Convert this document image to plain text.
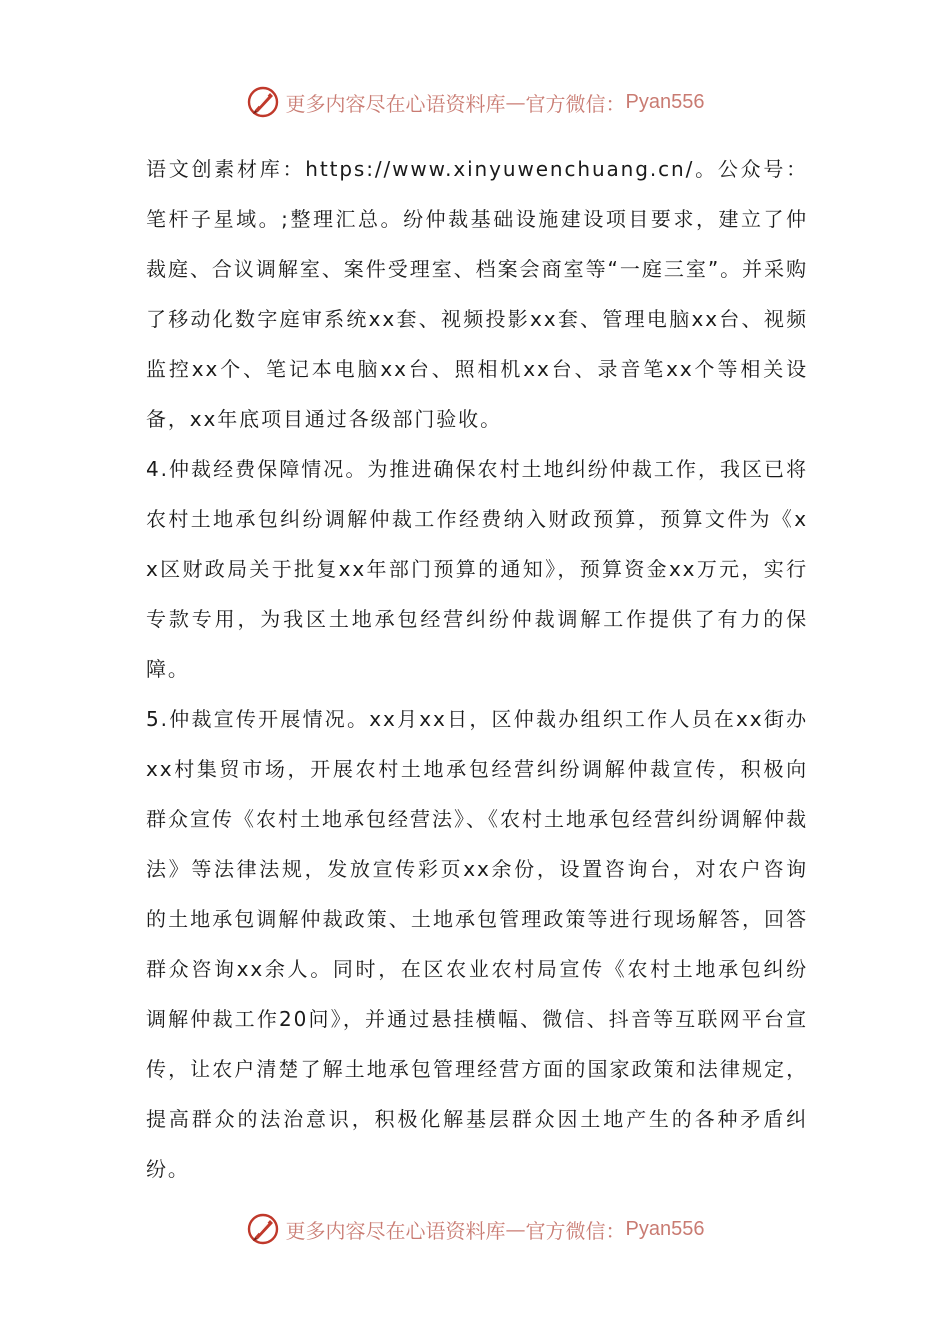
更多内容尽在心语资料库 — 官方微信： Pyan556

语文创素材库：https://www.xinyuwenchuang.cn/。公众号：笔杆子星域。;整理汇总。纷仲裁基础设施建设项目要求，建立了仲裁庭、合议调解室、案件受理室、档案会商室等“一庭三室”。并采购了移动化数字庭审系统xx套、视频投影xx套、管理电脑xx台、视频监控xx个、笔记本电脑xx台、照相机xx台、录音笔xx个等相关设备，xx年底项目通过各级部门验收。

4.仲裁经费保障情况。为推进确保农村土地纠纷仲裁工作，我区已将农村土地承包纠纷调解仲裁工作经费纳入财政预算，预算文件为《xx区财政局关于批复xx年部门预算的通知》，预算资金xx万元，实行专款专用，为我区土地承包经营纠纷仲裁调解工作提供了有力的保障。

5.仲裁宣传开展情况。xx月xx日，区仲裁办组织工作人员在xx街办xx村集贸市场，开展农村土地承包经营纠纷调解仲裁宣传，积极向群众宣传《农村土地承包经营法》、《农村土地承包经营纠纷调解仲裁法》等法律法规，发放宣传彩页xx余份，设置咨询台，对农户咨询的土地承包调解仲裁政策、土地承包管理政策等进行现场解答，回答群众咨询xx余人。同时，在区农业农村局宣传《农村土地承包纠纷调解仲裁工作20问》，并通过悬挂横幅、微信、抖音等互联网平台宣传，让农户清楚了解土地承包管理经营方面的国家政策和法律规定，提高群众的法治意识，积极化解基层群众因土地产生的各种矛盾纠纷。

更多内容尽在心语资料库 — 官方微信： Pyan556
